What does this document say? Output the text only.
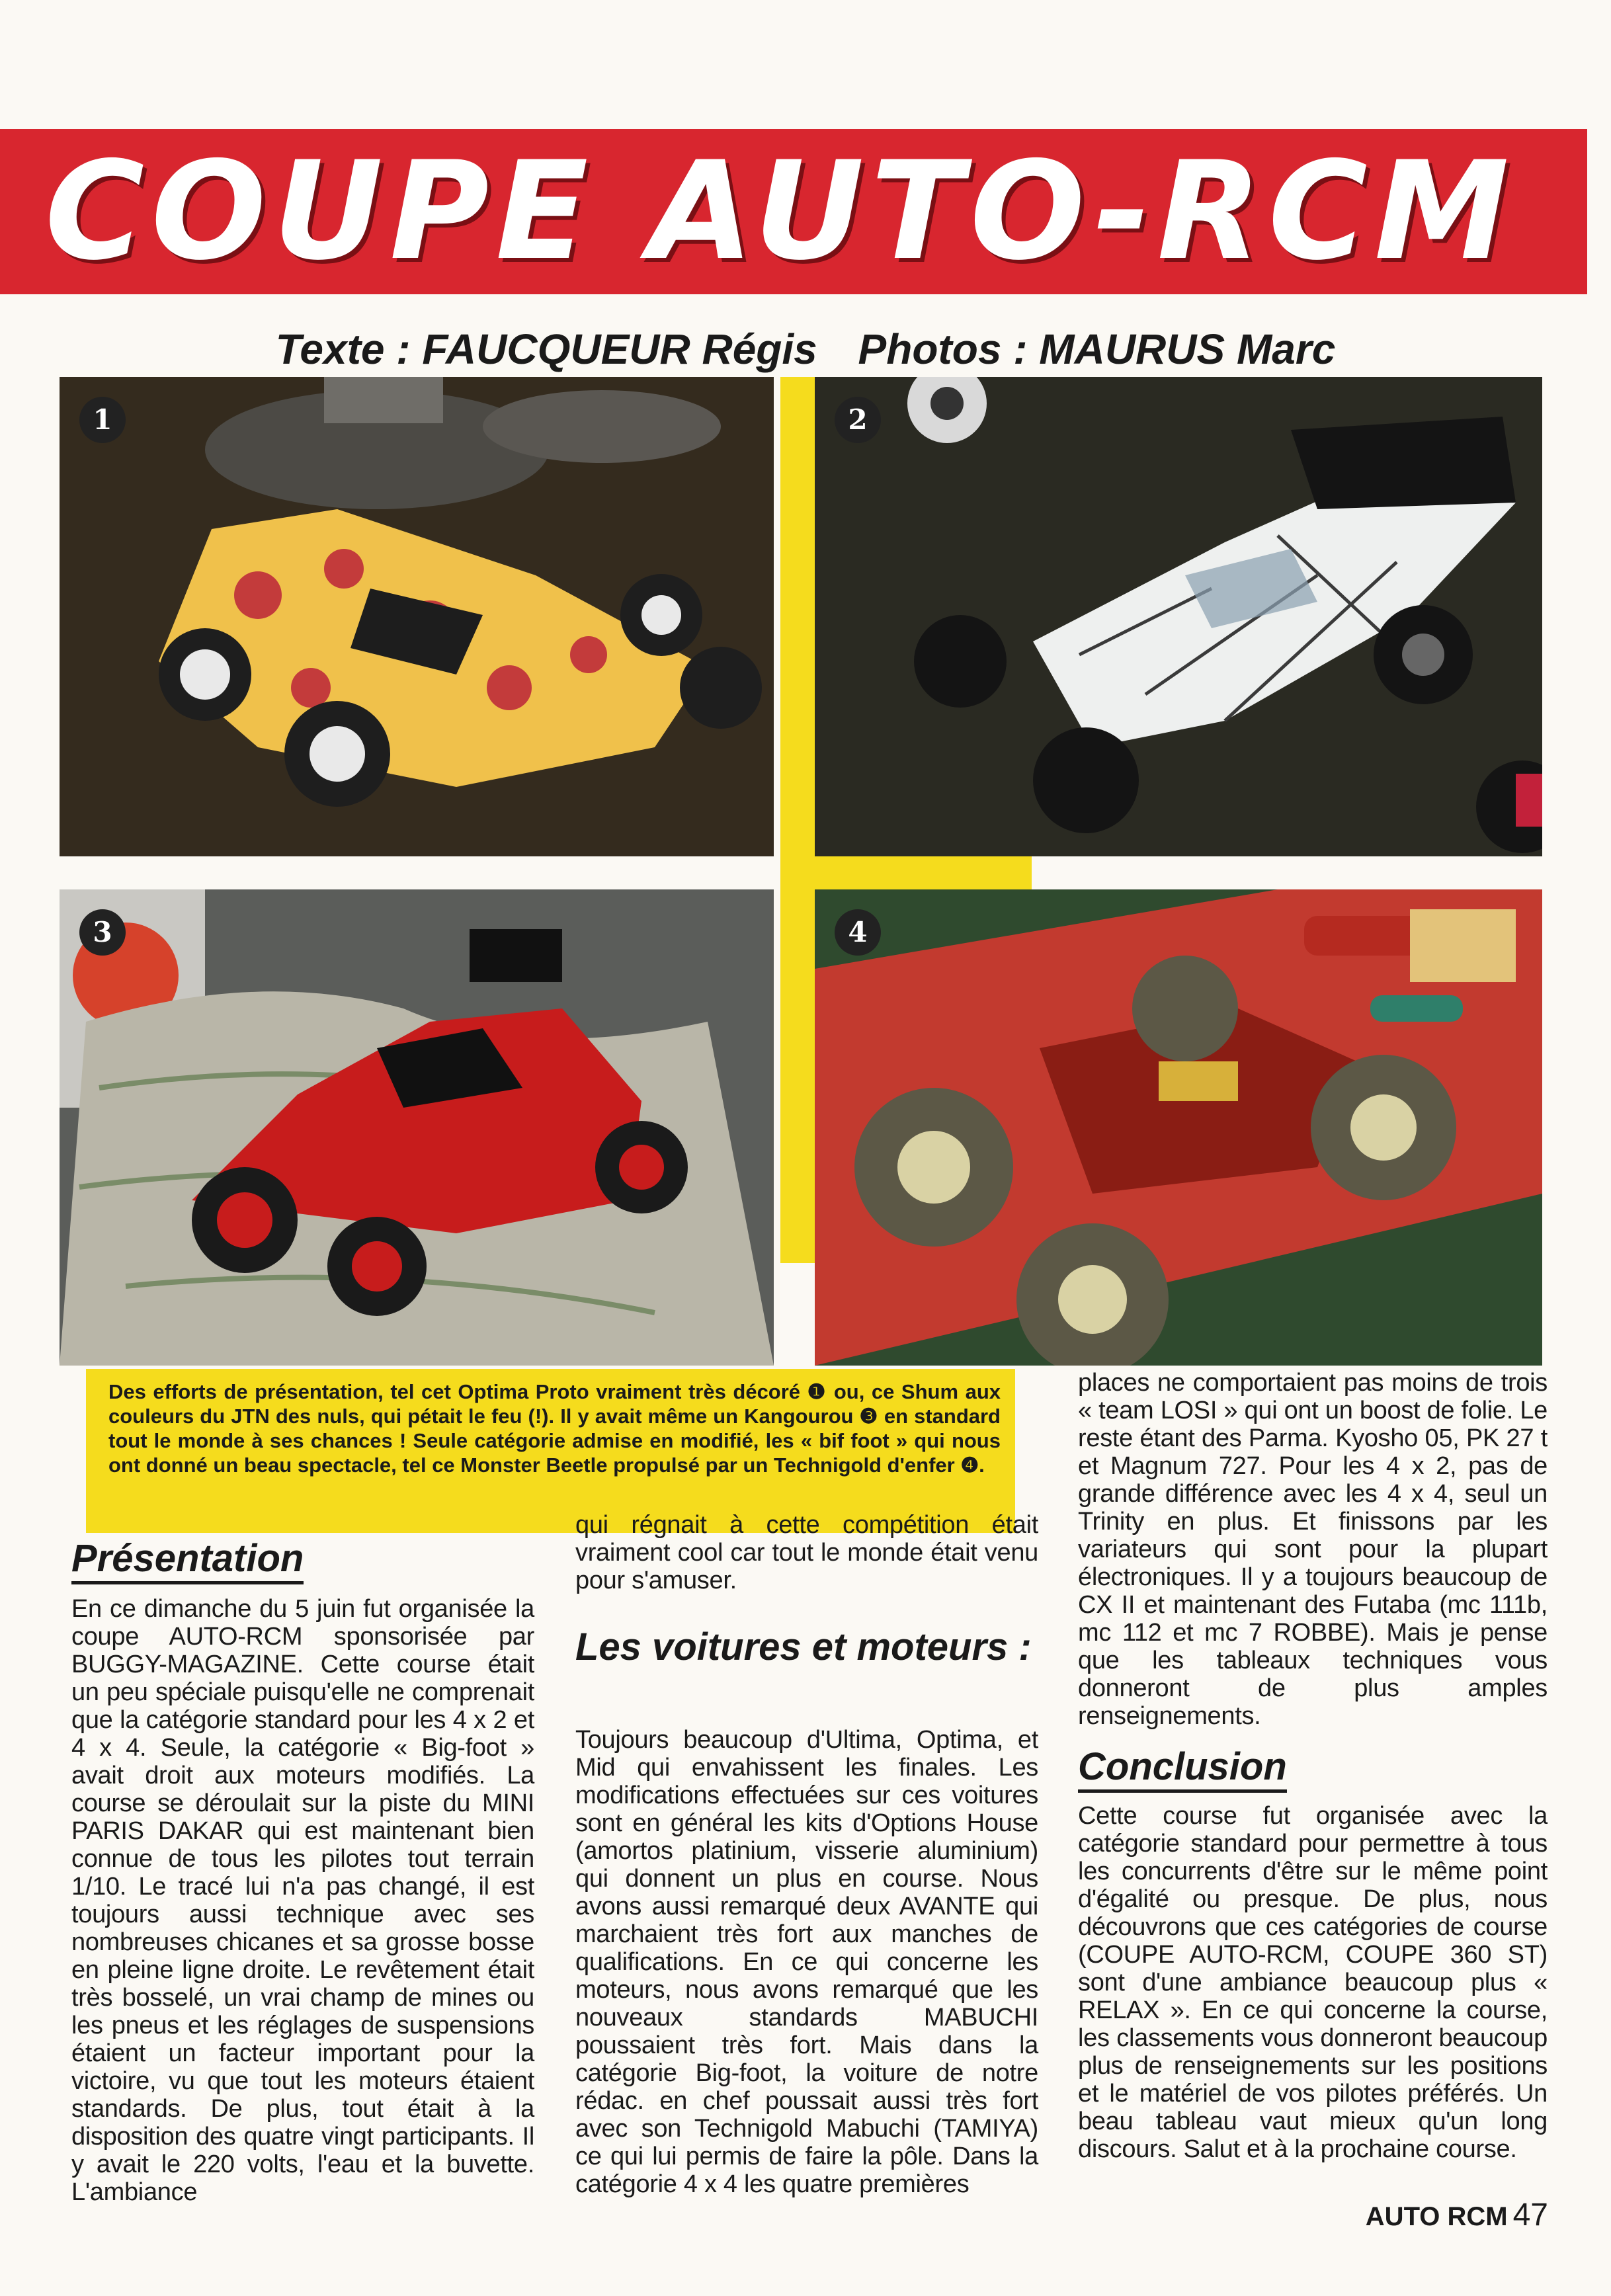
COUPE AUTO-RCM
Texte : FAUCQUEUR Régis Photos : MAURUS Marc
1	2
3	4
Des efforts de présentation, tel cet Optima Proto vraiment très décoré ❶ ou, ce Shum aux couleurs du JTN des nuls, qui pétait le feu (!). Il y avait même un Kangourou ❸ en standard tout le monde à ses chances ! Seule catégorie admise en modifié, les « bif foot » qui nous ont donné un beau spectacle, tel ce Monster Beetle propulsé par un Technigold d'enfer ❹.
Présentation

En ce dimanche du 5 juin fut organisée la coupe AUTO-RCM sponsorisée par BUGGY-MAGAZINE. Cette course était un peu spéciale puisqu'elle ne comprenait que la catégorie standard pour les 4 x 2 et 4 x 4. Seule, la catégorie « Big-foot » avait droit aux moteurs modifiés. La course se déroulait sur la piste du MINI PARIS DAKAR qui est maintenant bien connue de tous les pilotes tout terrain 1/10. Le tracé lui n'a pas changé, il est toujours aussi technique avec ses nombreuses chicanes et sa grosse bosse en pleine ligne droite. Le revêtement était très bosselé, un vrai champ de mines ou les pneus et les réglages de suspensions étaient un facteur important pour la victoire, vu que tout les moteurs étaient standards. De plus, tout était à la disposition des quatre vingt participants. Il y avait le 220 volts, l'eau et la buvette. L'ambiance

qui régnait à cette compétition était vraiment cool car tout le monde était venu pour s'amuser.

Les voitures et moteurs :

Toujours beaucoup d'Ultima, Optima, et Mid qui envahissent les finales. Les modifications effectuées sur ces voitures sont en général les kits d'Options House (amortos platinium, visserie aluminium) qui donnent un plus en course. Nous avons aussi remarqué deux AVANTE qui marchaient très fort aux manches de qualifications. En ce qui concerne les moteurs, nous avons remarqué que les nouveaux standards MABUCHI poussaient très fort. Mais dans la catégorie Big-foot, la voiture de notre rédac. en chef poussait aussi très fort avec son Technigold Mabuchi (TAMIYA) ce qui lui permis de faire la pôle. Dans la catégorie 4 x 4 les quatre premières

places ne comportaient pas moins de trois « team LOSI » qui ont un boost de folie. Le reste étant des Parma. Kyosho 05, PK 27 t et Magnum 727. Pour les 4 x 2, pas de grande différence avec les 4 x 4, seul un Trinity en plus. Et finissons par les variateurs qui sont pour la plupart électroniques. Il y a toujours beaucoup de CX II et maintenant des Futaba (mc 111b, mc 112 et mc 7 ROBBE). Mais je pense que les tableaux techniques vous donneront de plus amples renseignements.

Conclusion

Cette course fut organisée avec la catégorie standard pour permettre à tous les concurrents d'être sur le même point d'égalité ou presque. De plus, nous découvrons que ces catégories de course (COUPE AUTO-RCM, COUPE 360 ST) sont d'une ambiance beaucoup plus « RELAX ». En ce qui concerne la course, les classements vous donneront beaucoup plus de renseignements sur les positions et le matériel de vos pilotes préférés. Un beau tableau vaut mieux qu'un long discours. Salut et à la prochaine course.

AUTO RCM 47
